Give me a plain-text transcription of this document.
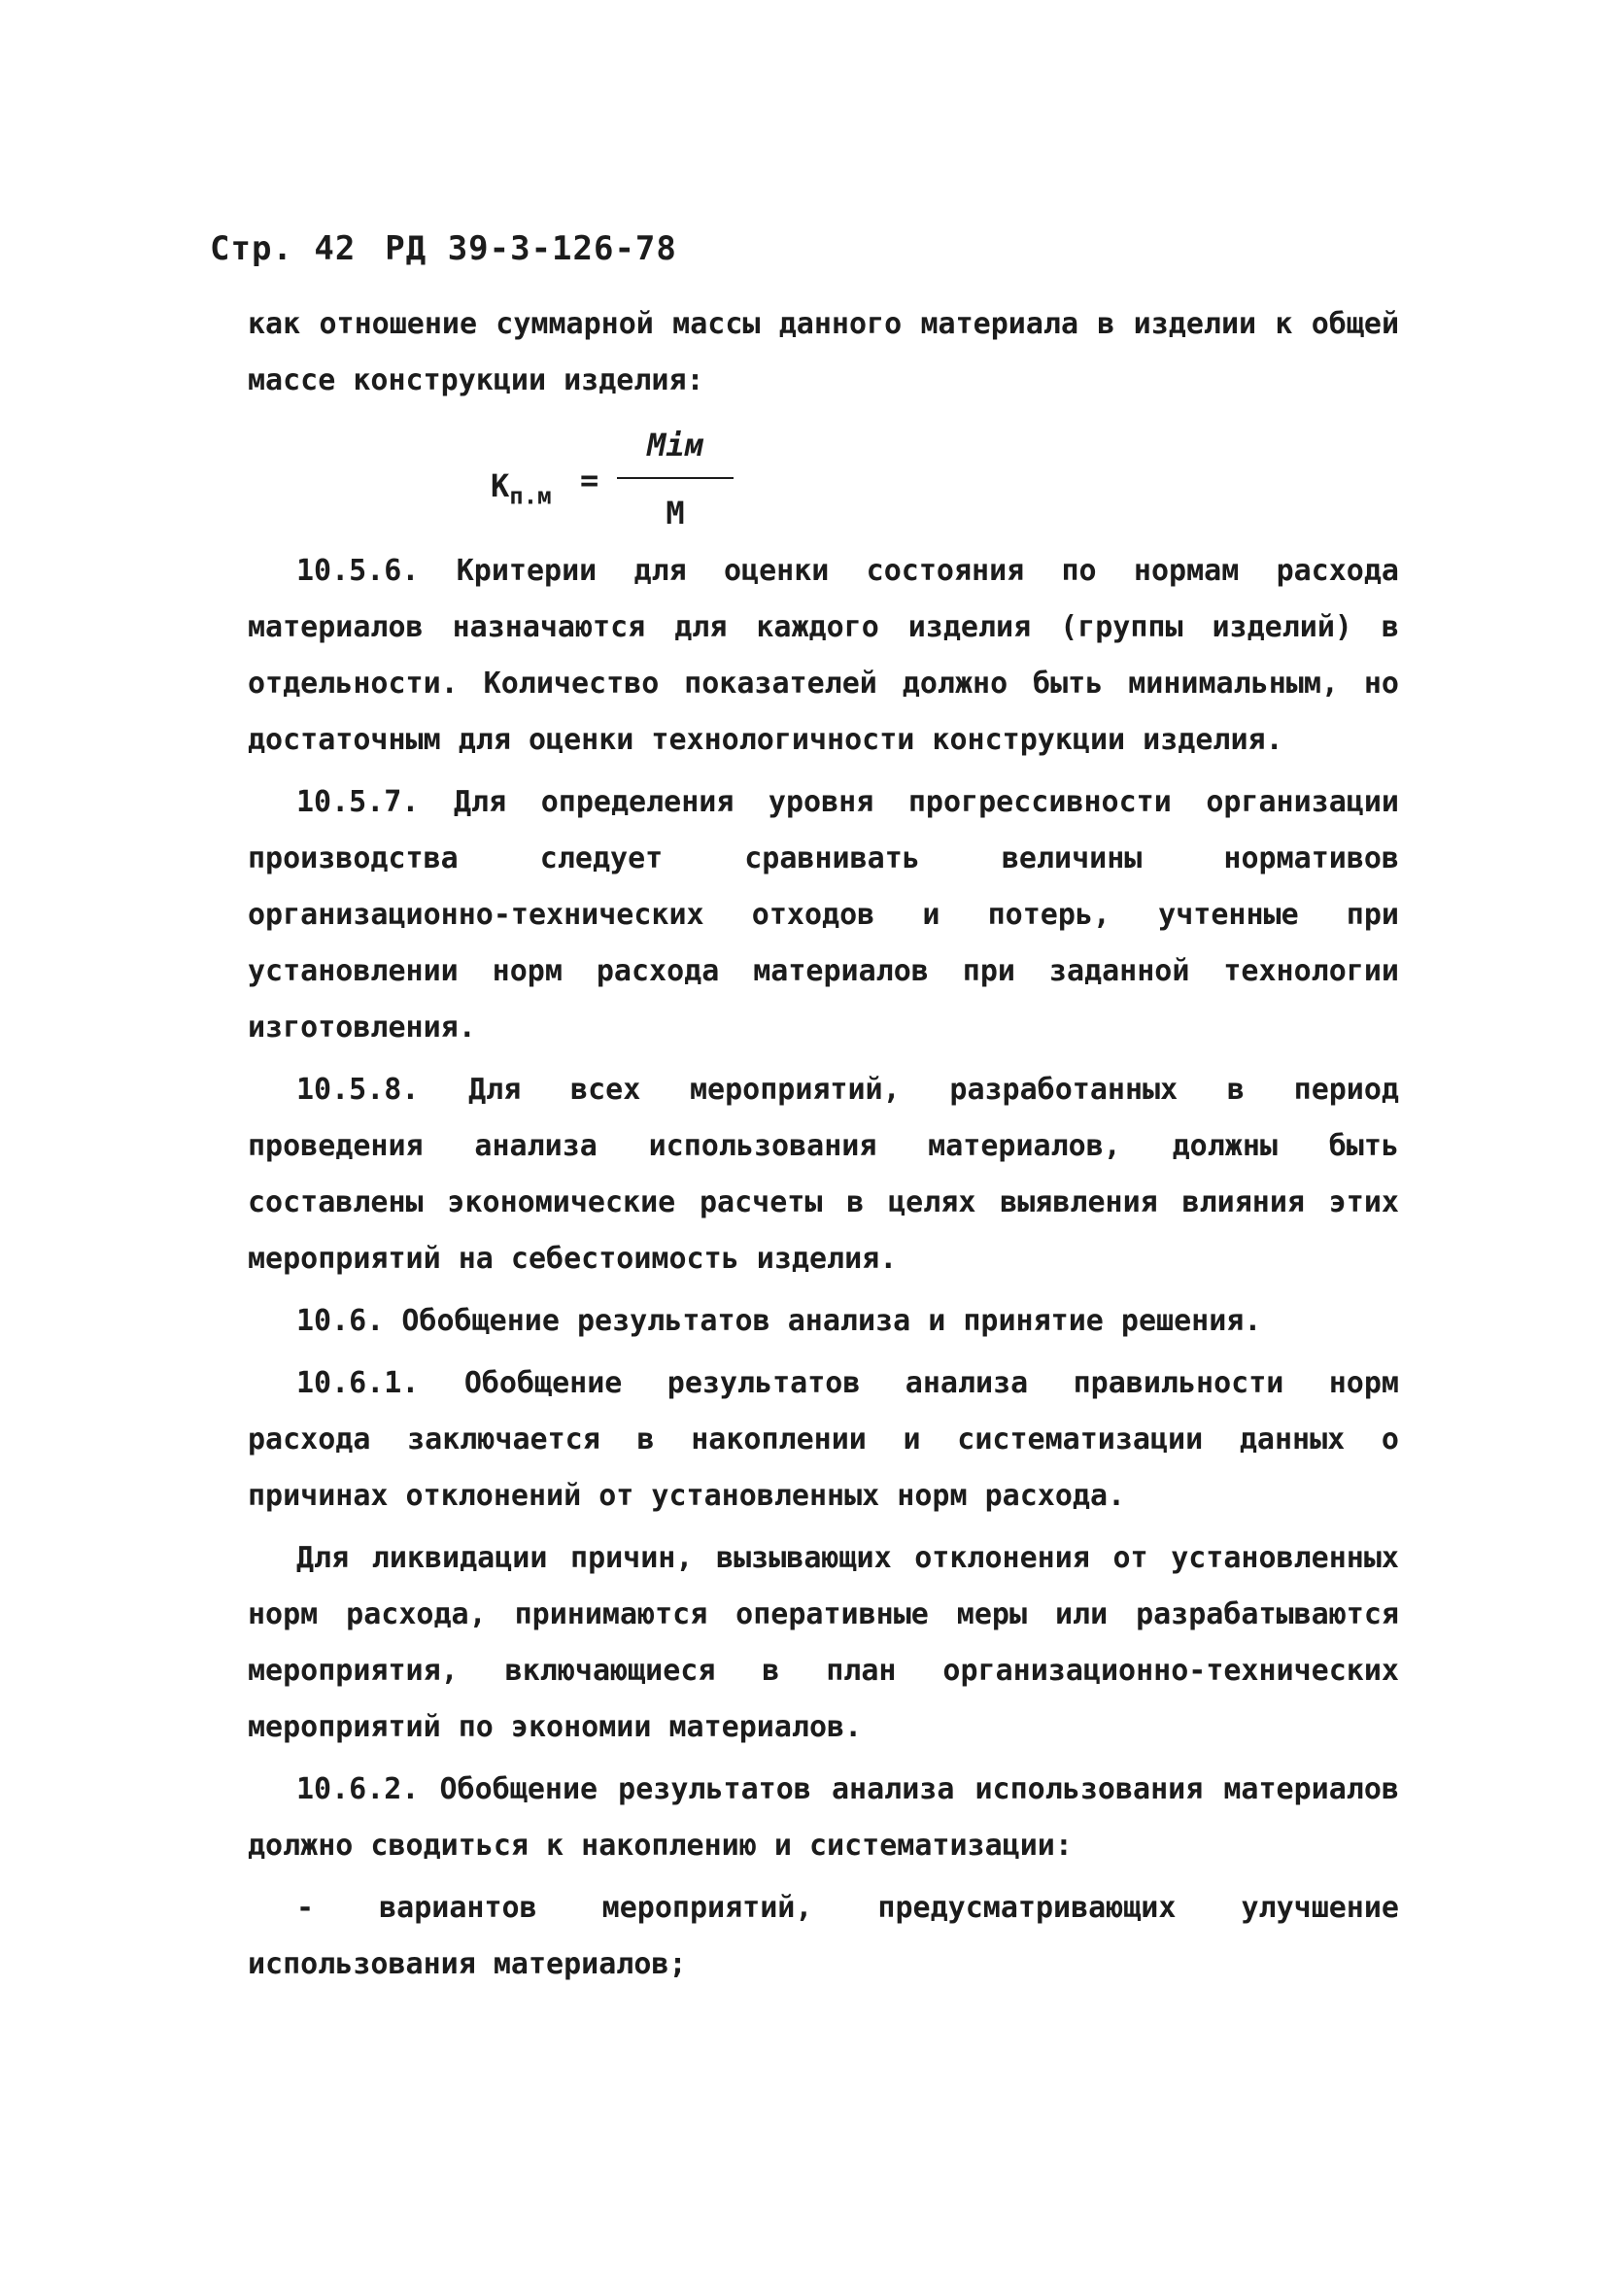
Стр. 42 РД 39-3-126-78

как отношение суммарной массы данного материала в изделии к общей массе конструкции изделия:

$К_{п.м}$ =
Мiм
М

10.5.6. Критерии для оценки состояния по нормам расхода материалов назначаются для каждого изделия (группы изделий) в отдельности. Количество показателей должно быть минимальным, но достаточным для оценки технологичности конструкции изделия.

10.5.7. Для определения уровня прогрессивности организации производства следует сравнивать величины нормативов организационно-технических отходов и потерь, учтенные при установлении норм расхода материалов при заданной технологии изготовления.

10.5.8. Для всех мероприятий, разработанных в период проведения анализа использования материалов, должны быть составлены экономические расчеты в целях выявления влияния этих мероприятий на себестоимость изделия.

10.6. Обобщение результатов анализа и принятие решения.

10.6.1. Обобщение результатов анализа правильности норм расхода заключается в накоплении и систематизации данных о причинах отклонений от установленных норм расхода.

Для ликвидации причин, вызывающих отклонения от установленных норм расхода, принимаются оперативные меры или разрабатываются мероприятия, включающиеся в план организационно-технических мероприятий по экономии материалов.

10.6.2. Обобщение результатов анализа использования материалов должно сводиться к накоплению и систематизации:

- вариантов мероприятий, предусматривающих улучшение использования материалов;
